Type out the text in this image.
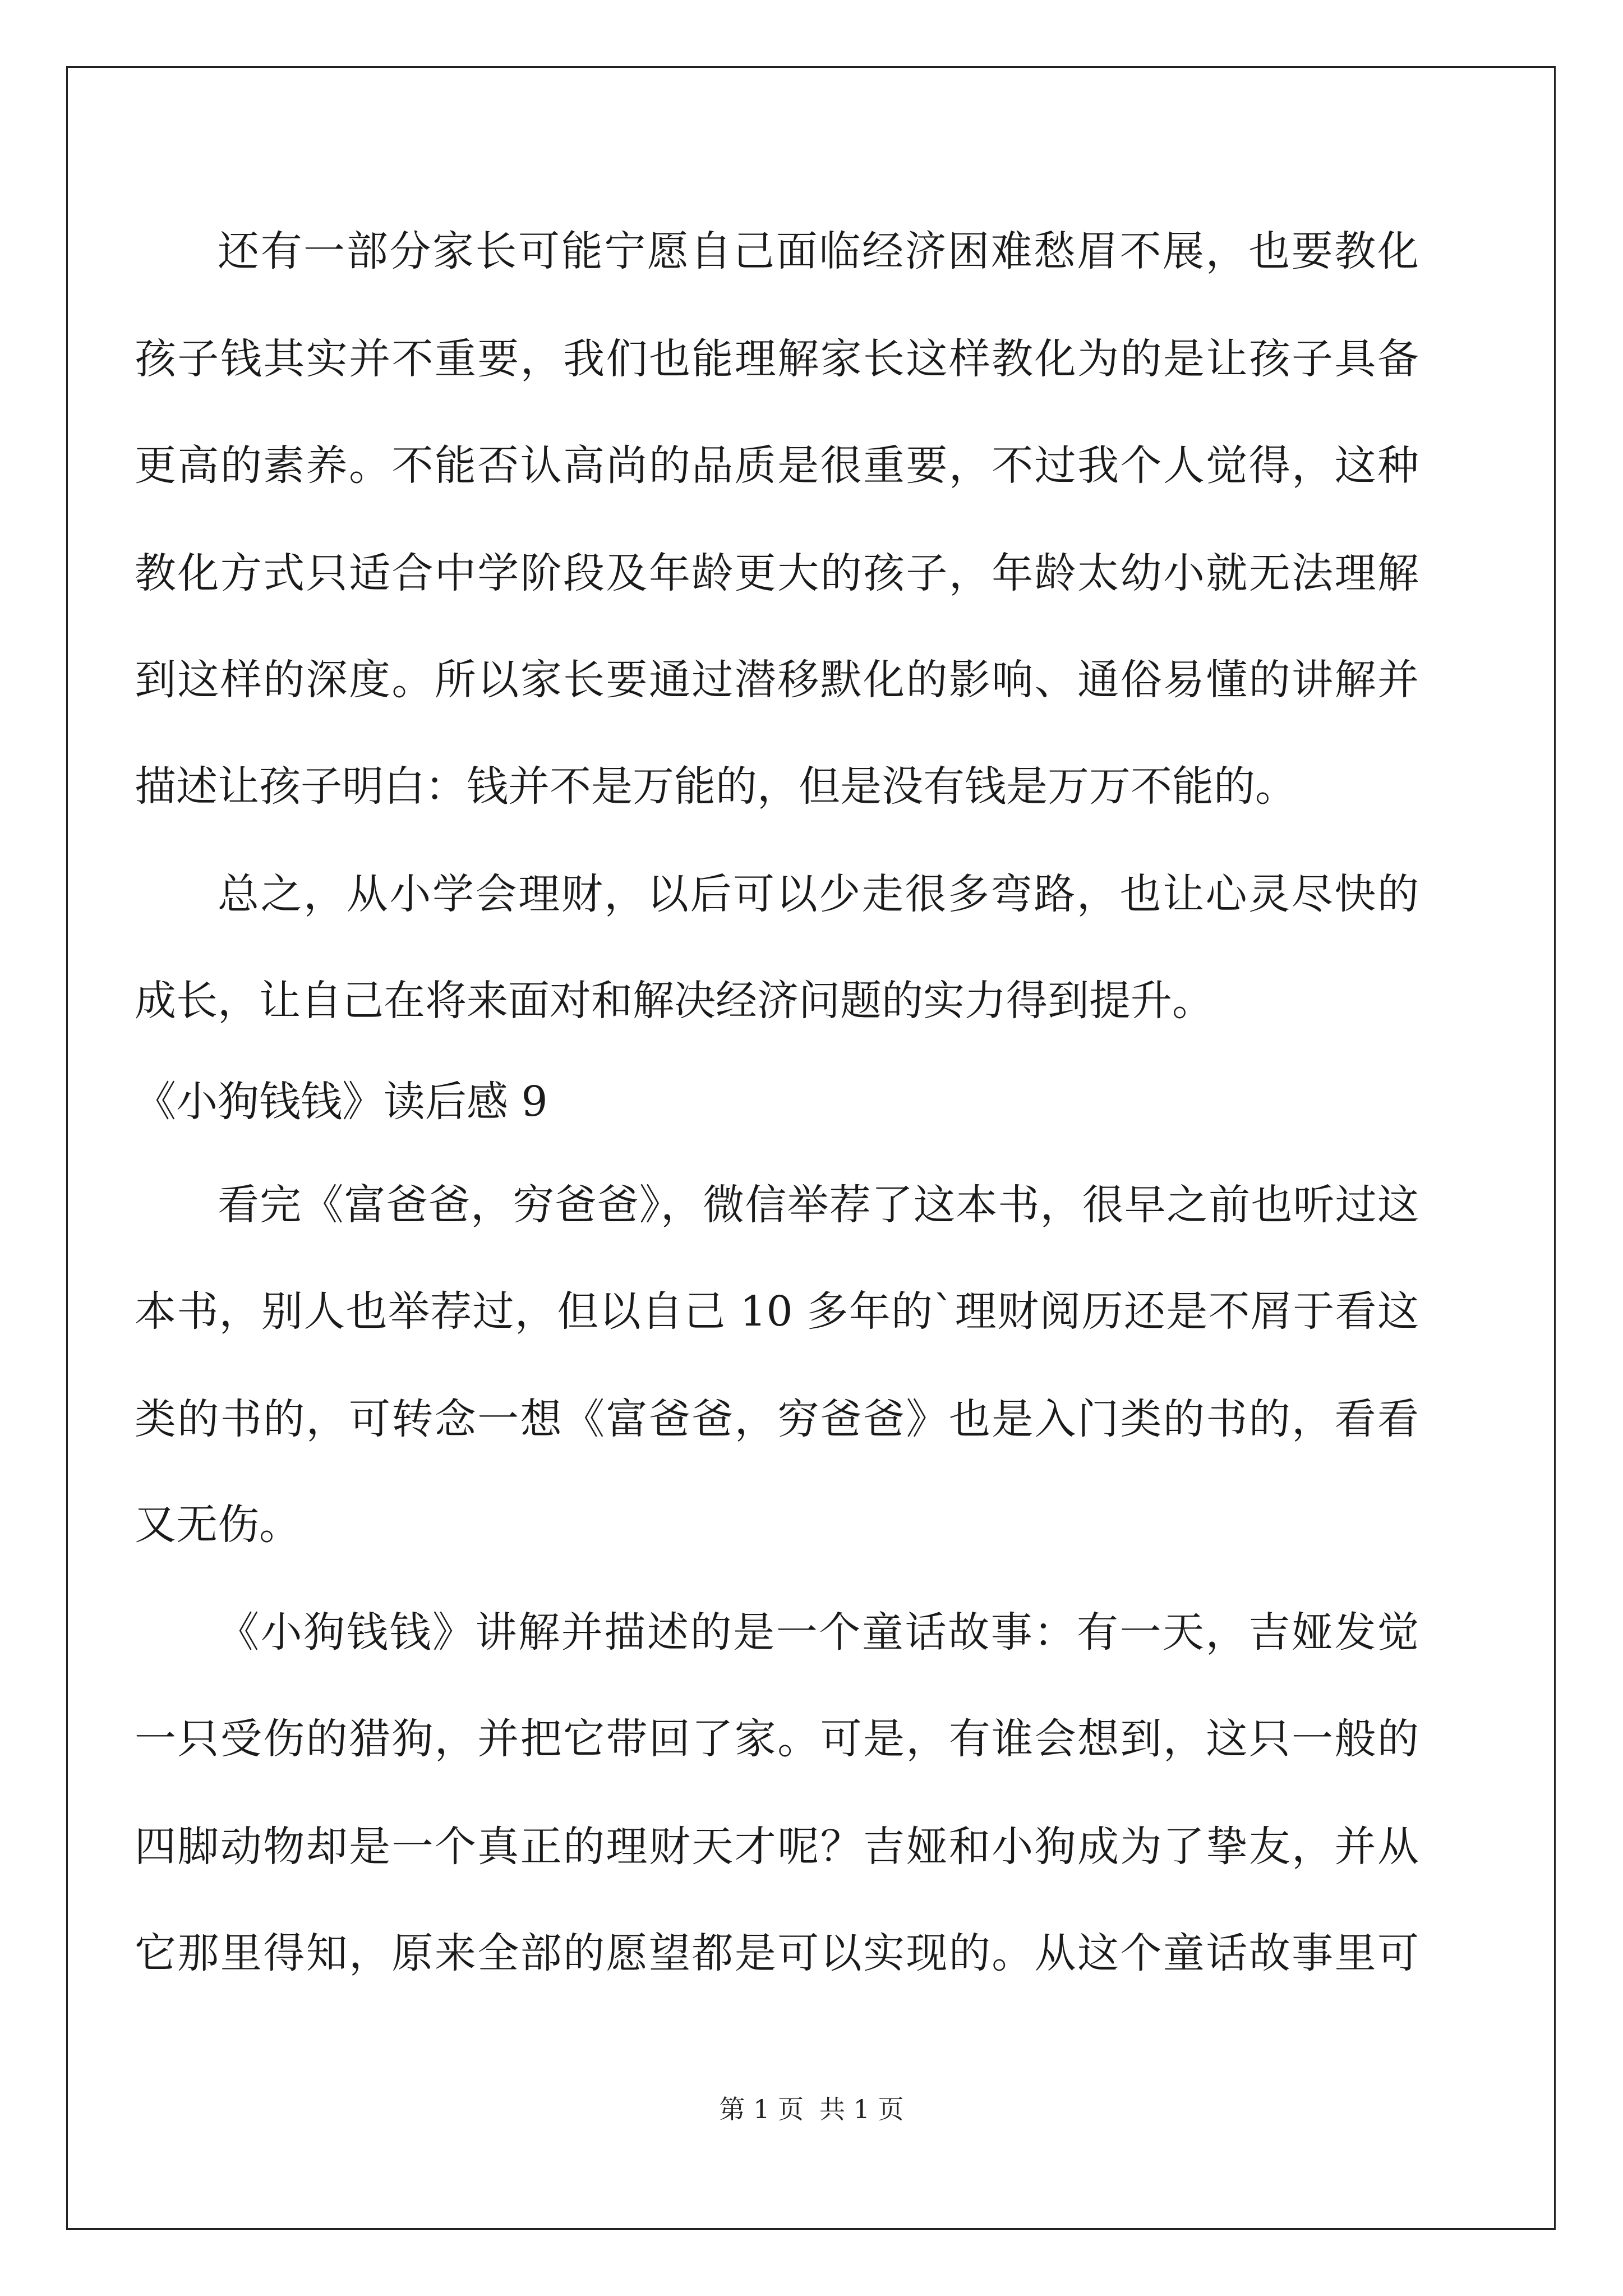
还有一部分家长可能宁愿自己面临经济困难愁眉不展，也要教化
孩子钱其实并不重要，我们也能理解家长这样教化为的是让孩子具备
更高的素养。不能否认高尚的品质是很重要，不过我个人觉得，这种
教化方式只适合中学阶段及年龄更大的孩子，年龄太幼小就无法理解
到这样的深度。所以家长要通过潜移默化的影响、通俗易懂的讲解并
描述让孩子明白：钱并不是万能的，但是没有钱是万万不能的。
总之，从小学会理财，以后可以少走很多弯路，也让心灵尽快的
成长，让自己在将来面对和解决经济问题的实力得到提升。
《小狗钱钱》读后感 9
看完《富爸爸，穷爸爸》，微信举荐了这本书，很早之前也听过这
本书，别人也举荐过，但以自己 10 多年的`理财阅历还是不屑于看这
类的书的，可转念一想《富爸爸，穷爸爸》也是入门类的书的，看看
又无伤。
《小狗钱钱》讲解并描述的是一个童话故事：有一天，吉娅发觉
一只受伤的猎狗，并把它带回了家。可是，有谁会想到，这只一般的
四脚动物却是一个真正的理财天才呢？吉娅和小狗成为了挚友，并从
它那里得知，原来全部的愿望都是可以实现的。从这个童话故事里可
第 1 页 共 1 页
